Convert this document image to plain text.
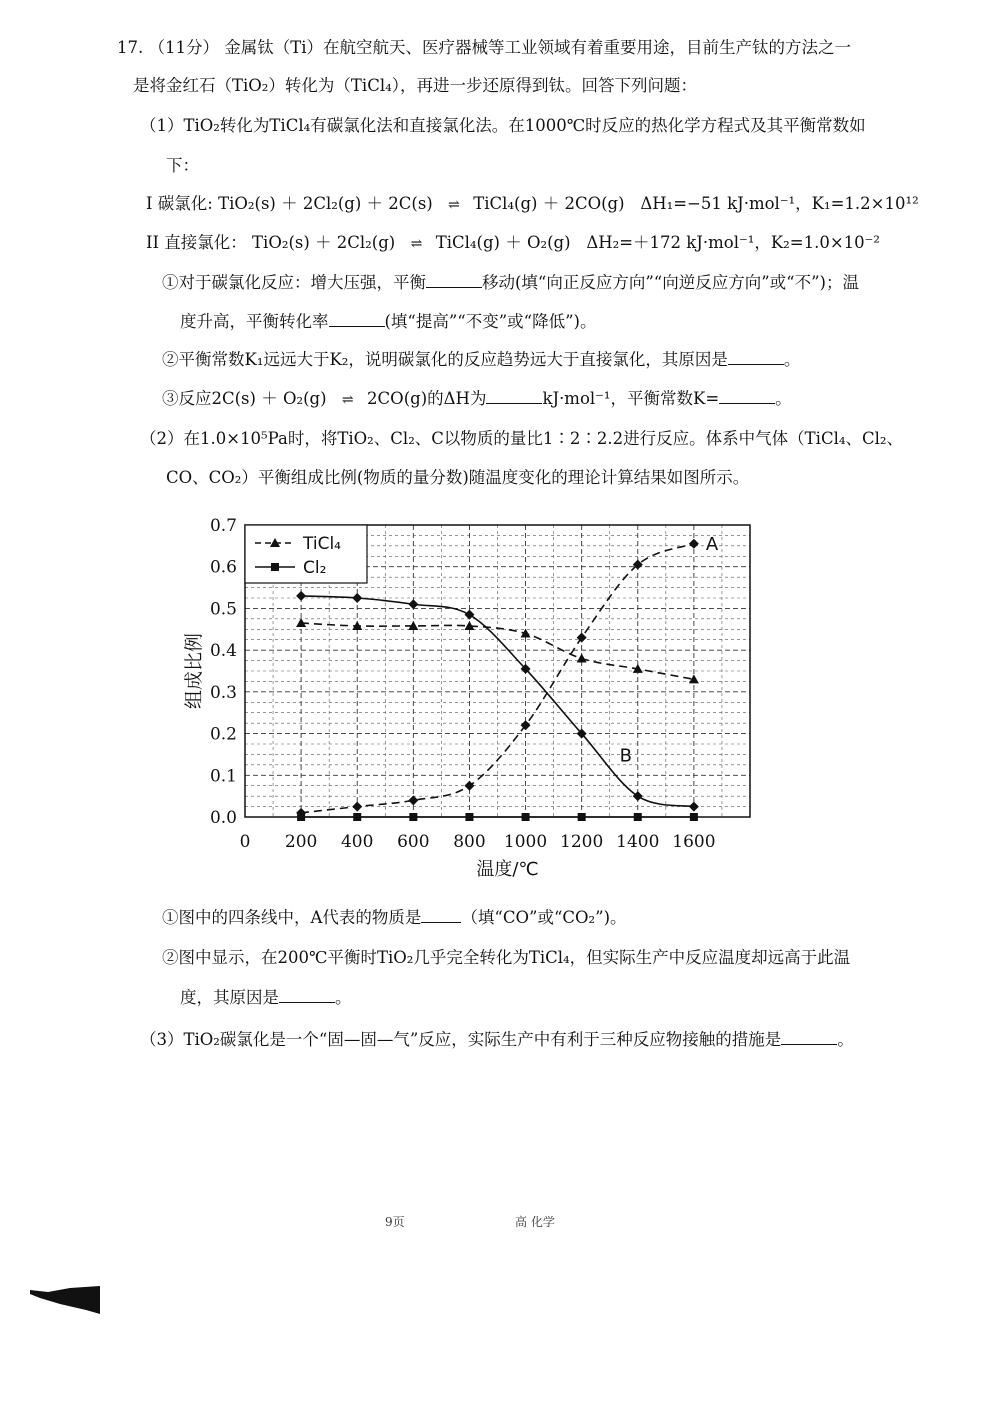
17. （11分） 金属钛（Ti）在航空航天、医疗器械等工业领域有着重要用途，目前生产钛的方法之一
是将金红石（TiO₂）转化为（TiCl₄），再进一步还原得到钛。回答下列问题：
（1）TiO₂转化为TiCl₄有碳氯化法和直接氯化法。在1000℃时反应的热化学方程式及其平衡常数如
下：
I 碳氯化: TiO₂(s) ＋ 2Cl₂(g) ＋ 2C(s) ⇌ TiCl₄(g) ＋ 2CO(g) ΔH₁=−51 kJ·mol⁻¹，K₁=1.2×10¹²
II 直接氯化： TiO₂(s) ＋ 2Cl₂(g) ⇌ TiCl₄(g) ＋ O₂(g) ΔH₂=＋172 kJ·mol⁻¹，K₂=1.0×10⁻²
①对于碳氯化反应：增大压强，平衡	移动(填“向正反应方向”“向逆反应方向”或“不”)；温
度升高，平衡转化率	(填“提高”“不变”或“降低”)。
②平衡常数K₁远远大于K₂，说明碳氯化的反应趋势远大于直接氯化，其原因是	。
③反应2C(s) ＋ O₂(g) ⇌ 2CO(g)的ΔH为	kJ·mol⁻¹，平衡常数K=	。
（2）在1.0×10⁵Pa时，将TiO₂、Cl₂、C以物质的量比1∶2∶2.2进行反应。体系中气体（TiCl₄、Cl₂、
CO、CO₂）平衡组成比例(物质的量分数)随温度变化的理论计算结果如图所示。
0.0
0.1
0.2
0.3
0.4
0.5
0.6
0.7
0 200 400 600 800 1000 1200 1400 1600
A
B
TiCl₄
Cl₂
组成比例
温度/℃
①图中的四条线中，A代表的物质是 （填“CO”或“CO₂”)。
②图中显示，在200℃平衡时TiO₂几乎完全转化为TiCl₄，但实际生产中反应温度却远高于此温
度，其原因是	。
（3）TiO₂碳氯化是一个“固—固—气”反应，实际生产中有利于三种反应物接触的措施是	。
9页	高 化学
